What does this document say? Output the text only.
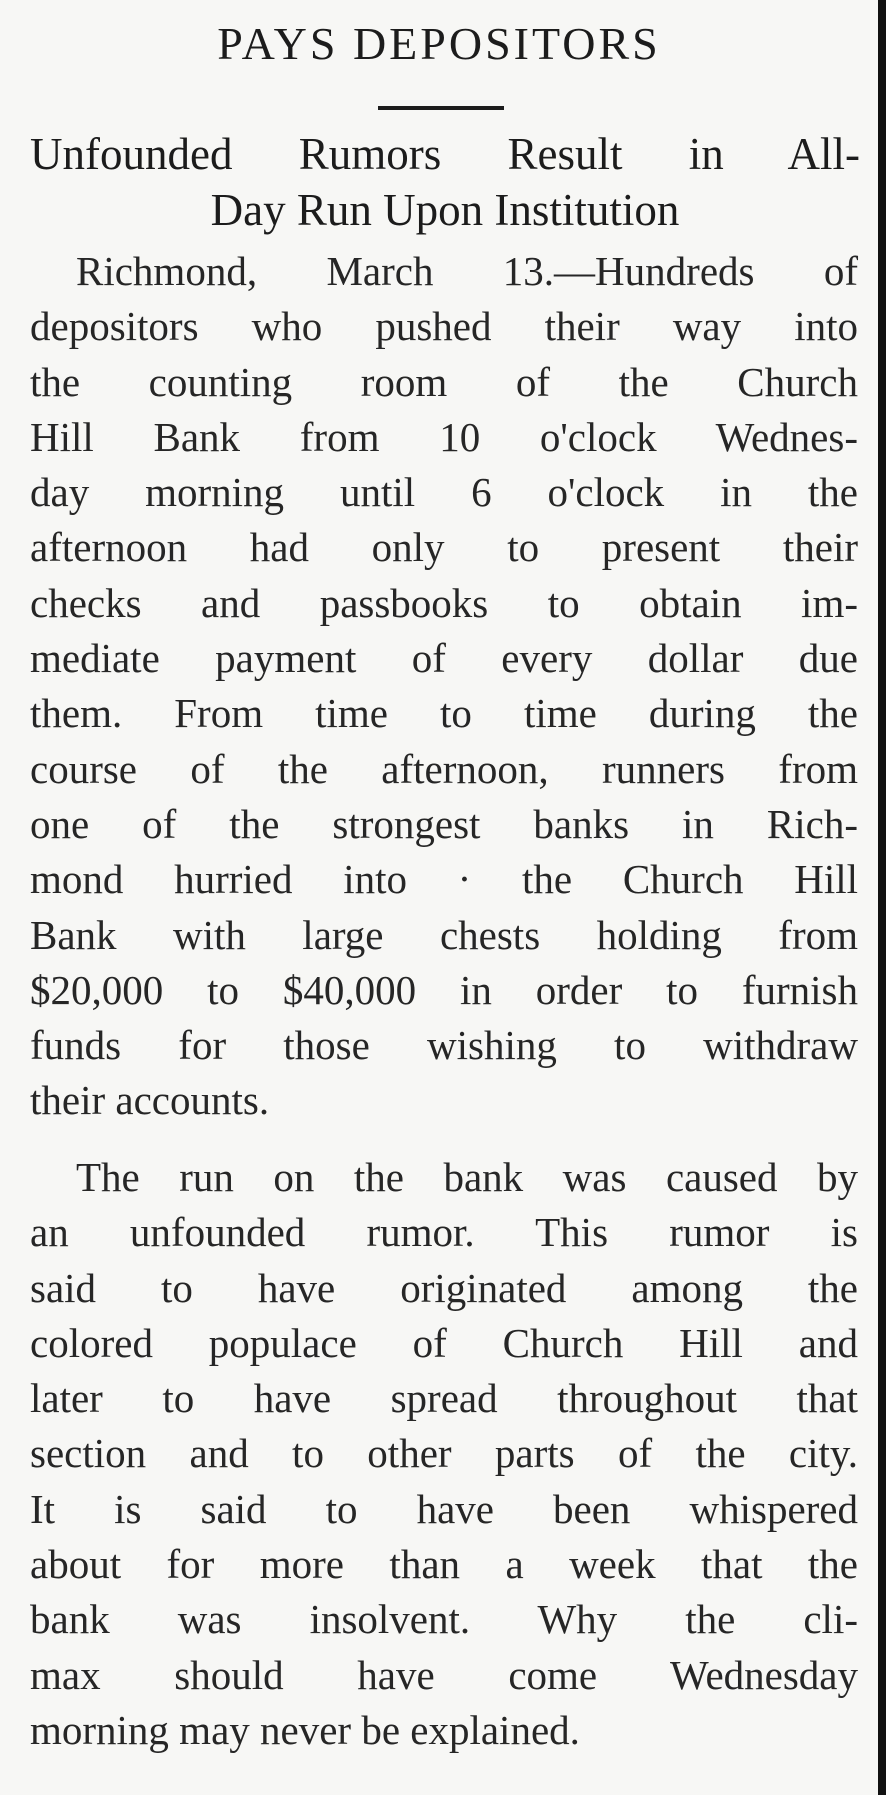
PAYS DEPOSITORS
Unfounded Rumors Result in All-
Day Run Upon Institution
Richmond, March 13.—Hundreds of
depositors who pushed their way into
the counting room of the Church
Hill Bank from 10 o'clock Wednes-
day morning until 6 o'clock in the
afternoon had only to present their
checks and passbooks to obtain im-
mediate payment of every dollar due
them. From time to time during the
course of the afternoon, runners from
one of the strongest banks in Rich-
mond hurried into · the Church Hill
Bank with large chests holding from
$20,000 to $40,000 in order to furnish
funds for those wishing to withdraw
their accounts.
The run on the bank was caused by
an unfounded rumor. This rumor is
said to have originated among the
colored populace of Church Hill and
later to have spread throughout that
section and to other parts of the city.
It is said to have been whispered
about for more than a week that the
bank was insolvent. Why the cli-
max should have come Wednesday
morning may never be explained.
